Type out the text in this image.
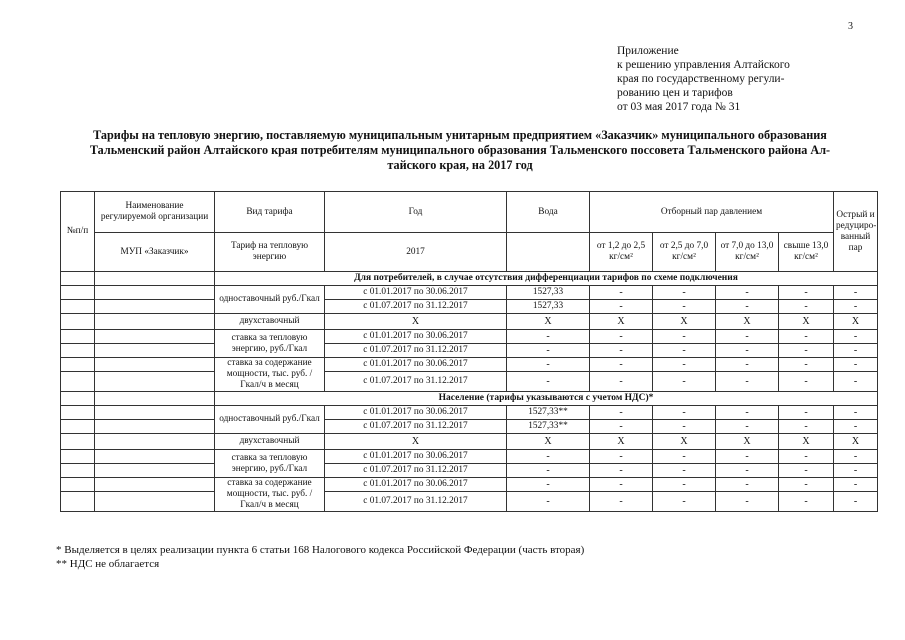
3
Приложение
к решению управления Алтайского
края по государственному регули-
рованию цен и тарифов
от 03 мая 2017 года № 31
Тарифы на тепловую энергию, поставляемую муниципальным унитарным предприятием «Заказчик» муниципального образования
Тальменский район Алтайского края потребителям муниципального образования Тальменского поссовета Тальменского района Ал-
тайского края, на 2017 год
№п/п	Наименование регулируемой организации	Вид тарифа	Год	Вода	Отборный пар давлением				Острый и редуциро-ванный пар
	МУП «Заказчик»	Тариф на тепловую энергию	2017		от 1,2 до 2,5 кг/см²	от 2,5 до 7,0 кг/см²	от 7,0 до 13,0 кг/см²	свыше 13,0 кг/см²	
		Для потребителей, в случае отсутствия дифференциации тарифов по схеме подключения							
		одноставочный руб./Гкал	с 01.01.2017 по 30.06.2017	1527,33	-	-	-	-	-
			с 01.07.2017 по 31.12.2017	1527,33	-	-	-	-	-
		двухставочный	Х	Х	Х	Х	Х	Х	Х
		ставка за тепловую энергию, руб./Гкал	с 01.01.2017 по 30.06.2017	-	-	-	-	-	-
			с 01.07.2017 по 31.12.2017	-	-	-	-	-	-
		ставка за содержание мощности, тыс. руб. /Гкал/ч в месяц	с 01.01.2017 по 30.06.2017	-	-	-	-	-	-
			с 01.07.2017 по 31.12.2017	-	-	-	-	-	-
		Население (тарифы указываются с учетом НДС)*							
		одноставочный руб./Гкал	с 01.01.2017 по 30.06.2017	1527,33**	-	-	-	-	-
			с 01.07.2017 по 31.12.2017	1527,33**	-	-	-	-	-
		двухставочный	Х	Х	Х	Х	Х	Х	Х
		ставка за тепловую энергию, руб./Гкал	с 01.01.2017 по 30.06.2017	-	-	-	-	-	-
			с 01.07.2017 по 31.12.2017	-	-	-	-	-	-
		ставка за содержание мощности, тыс. руб. /Гкал/ч в месяц	с 01.01.2017 по 30.06.2017	-	-	-	-	-	-
			с 01.07.2017 по 31.12.2017	-	-	-	-	-	-
* Выделяется в целях реализации пункта 6 статьи 168 Налогового кодекса Российской Федерации (часть вторая)
** НДС не облагается
